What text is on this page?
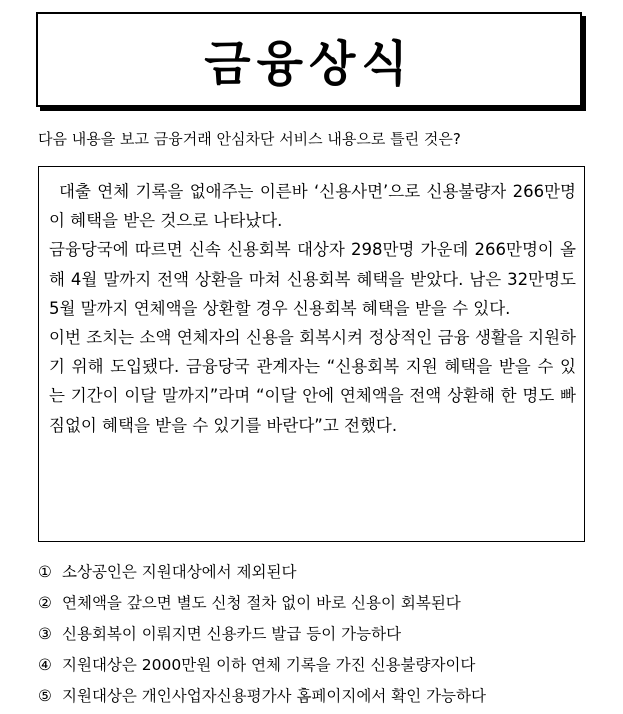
금융상식
다음 내용을 보고 금융거래 안심차단 서비스 내용으로 틀린 것은?

대출 연체 기록을 없애주는 이른바 ‘신용사면’으로 신용불량자 266만명이 혜택을 받은 것으로 나타났다.

금융당국에 따르면 신속 신용회복 대상자 298만명 가운데 266만명이 올해 4월 말까지 전액 상환을 마쳐 신용회복 혜택을 받았다. 남은 32만명도 5월 말까지 연체액을 상환할 경우 신용회복 혜택을 받을 수 있다.

이번 조치는 소액 연체자의 신용을 회복시켜 정상적인 금융 생활을 지원하기 위해 도입됐다. 금융당국 관계자는 “신용회복 지원 혜택을 받을 수 있는 기간이 이달 말까지”라며 “이달 안에 연체액을 전액 상환해 한 명도 빠짐없이 혜택을 받을 수 있기를 바란다”고 전했다.

① 소상공인은 지원대상에서 제외된다
② 연체액을 갚으면 별도 신청 절차 없이 바로 신용이 회복된다
③ 신용회복이 이뤄지면 신용카드 발급 등이 가능하다
④ 지원대상은 2000만원 이하 연체 기록을 가진 신용불량자이다
⑤ 지원대상은 개인사업자신용평가사 홈페이지에서 확인 가능하다
